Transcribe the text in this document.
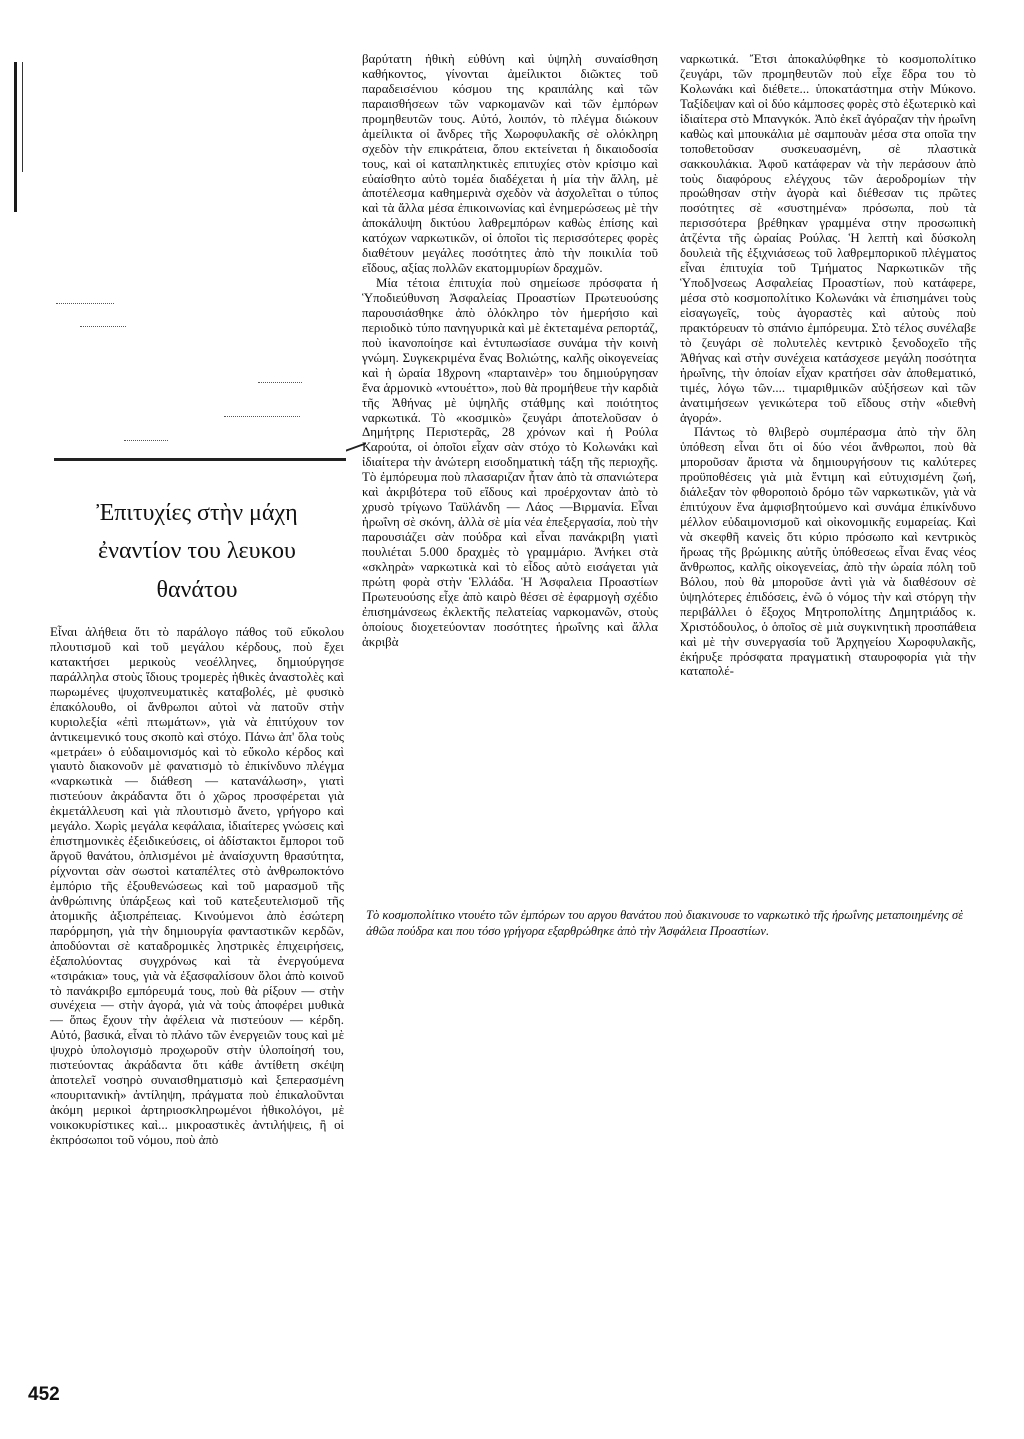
Ἐπιτυχίες στὴν μάχη
ἐναντίον του λευκου
θανάτου

Εἶναι ἀλήθεια ὅτι τὸ παράλογο πάθος τοῦ εὔκολου πλουτισμοῦ καὶ τοῦ μεγάλου κέρδους, ποὺ ἔχει κατακτήσει μερικοὺς νεοέλληνες, δημιούργησε παράλληλα στοὺς ἴδιους τρομερὲς ἠθικὲς ἀναστολὲς καὶ πωρωμένες ψυχοπνευματικὲς καταβολές, μὲ φυσικὸ ἐπακόλουθο, οἱ ἄνθρωποι αὐτοὶ νὰ πατοῦν στὴν κυριολεξία «ἐπὶ πτωμάτων», γιὰ νὰ ἐπιτύχουν τον ἀντικειμενικό τους σκοπὸ καὶ στόχο. Πάνω ἀπ' ὅλα τοὺς «μετράει» ὁ εὐδαιμονισμός καὶ τὸ εὔκολο κέρδος καὶ γιαυτὸ διακονοῦν μὲ φανατισμὸ τὸ ἐπικίνδυνο πλέγμα «ναρκωτικὰ — διάθεση — κατανάλωση», γιατὶ πιστεύουν ἀκράδαντα ὅτι ὁ χῶρος προσφέρεται γιὰ ἐκμετάλλευση καὶ γιὰ πλουτισμὸ ἄνετο, γρήγορο καὶ μεγάλο. Χωρὶς μεγάλα κεφάλαια, ἰδιαίτερες γνώσεις καὶ ἐπιστημονικὲς ἐξειδικεύσεις, οἱ ἀδίστακτοι ἔμποροι τοῦ ἄργοῦ θανάτου, ὁπλισμένοι μὲ ἀναίσχυντη θρασύτητα, ρίχνονται σὰν σωστοὶ καταπέλτες στὸ ἀνθρωποκτόνο ἐμπόριο τῆς ἐξουθενώσεως καὶ τοῦ μαρασμοῦ τῆς ἀνθρώπινης ὑπάρξεως καὶ τοῦ κατεξευτελισμοῦ τῆς ἀτομικῆς ἀξιοπρέπειας. Κινούμενοι ἀπὸ ἐσώτερη παρόρμηση, γιὰ τὴν δημιουργία φανταστικῶν κερδῶν, ἀποδύονται σὲ καταδρομικὲς ληστρικὲς ἐπιχειρήσεις, ἐξαπολύοντας συγχρόνως καὶ τὰ ἐνεργούμενα «τσιράκια» τους, γιὰ νὰ ἐξασφαλίσουν ὅλοι ἀπὸ κοινοῦ τὸ πανάκριβο εμπόρευμά τους, ποὺ θὰ ρίξουν — στὴν συνέχεια — στὴν ἀγορά, γιὰ νὰ τοὺς ἀποφέρει μυθικὰ — ὅπως ἔχουν τὴν ἀφέλεια νὰ πιστεύουν — κέρδη. Αὐτό, βασικά, εἶναι τὸ πλάνο τῶν ἐνεργειῶν τους καὶ μὲ ψυχρὸ ὑπολογισμὸ προχωροῦν στὴν ὑλοποίησή του, πιστεύοντας ἀκράδαντα ὅτι κάθε ἀντίθετη σκέψη ἀποτελεῖ νοσηρὸ συναισθηματισμὸ καὶ ξεπερασμένη «πουριτανικὴ» ἀντίληψη, πράγματα ποὺ ἐπικαλοῦνται ἀκόμη μερικοὶ ἀρτηριοσκληρωμένοι ἠθικολόγοι, μὲ νοικοκυρίστικες καὶ... μικροαστικὲς ἀντιλήψεις, ἢ οἱ ἐκπρόσωποι τοῦ νόμου, ποὺ ἀπὸ

βαρύτατη ἠθικὴ εὐθύνη καὶ ὑψηλὴ συναίσθηση καθήκοντος, γίνονται ἀμείλικτοι διῶκτες τοῦ παραδεισένιου κόσμου της κραιπάλης καὶ τῶν παραισθήσεων τῶν ναρκομανῶν καὶ τῶν ἐμπόρων προμηθευτῶν τους. Αὐτό, λοιπόν, τὸ πλέγμα διώκουν ἀμείλικτα οἱ ἄνδρες τῆς Χωροφυλακῆς σὲ ολόκληρη σχεδὸν τὴν επικράτεια, ὅπου εκτείνεται ἡ δικαιοδοσία τους, καὶ οἱ καταπληκτικὲς επιτυχίες στὸν κρίσιμο καὶ εὐαίσθητο αὐτὸ τομέα διαδέχεται ἡ μία τὴν ἄλλη, μὲ ἀποτέλεσμα καθημερινὰ σχεδὸν νὰ ἀσχολεῖται ο τύπος καὶ τὰ ἄλλα μέσα ἐπικοινωνίας καὶ ἐνημερώσεως μὲ τὴν ἀποκάλυψη δικτύου λαθρεμπόρων καθὼς ἐπίσης καὶ κατόχων ναρκωτικῶν, οἱ ὁποῖοι τὶς περισσότερες φορὲς διαθέτουν μεγάλες ποσότητες ἀπὸ τὴν ποικιλία τοῦ εἴδους, αξίας πολλῶν εκατομμυρίων δραχμῶν.

Μία τέτοια ἐπιτυχία ποὺ σημείωσε πρόσφατα ἡ Ὑποδιεύθυνση Ἀσφαλείας Προαστίων Πρωτευούσης παρουσιάσθηκε ἀπὸ ὁλόκληρο τὸν ἡμερήσιο καὶ περιοδικὸ τύπο πανηγυρικὰ καὶ μὲ ἐκτεταμένα ρεπορτάζ, ποὺ ἱκανοποίησε καὶ ἐντυπωσίασε συνάμα τὴν κοινὴ γνώμη. Συγκεκριμένα ἕνας Βολιώτης, καλῆς οἰκογενείας καὶ ἡ ὡραία 18χρονη «παρταινὲρ» του δημιούργησαν ἕνα ἁρμονικὸ «ντουέττο», ποὺ θὰ προμήθευε τὴν καρδιὰ τῆς Ἀθήνας μὲ ὑψηλῆς στάθμης καὶ ποιότητος ναρκωτικά. Τὸ «κοσμικὸ» ζευγάρι ἀποτελοῦσαν ὁ Δημήτρης Περιστερᾶς, 28 χρόνων καὶ ἡ Ρούλα Καρούτα, οἱ ὁποῖοι εἶχαν σὰν στόχο τὸ Κολωνάκι καὶ ἰδιαίτερα τὴν ἀνώτερη εισοδηματικὴ τάξη τῆς περιοχῆς. Τὸ ἐμπόρευμα ποὺ πλασαριζαν ἦταν ἀπὸ τὰ σπανιώτερα καὶ ἀκριβότερα τοῦ εἴδους καὶ προέρχονταν ἀπὸ τὸ χρυσὸ τρίγωνο Ταϋλάνδη — Λάος —Βιρμανία. Εἶναι ἡρωΐνη σὲ σκόνη, ἀλλὰ σὲ μία νέα ἐπεξεργασία, ποὺ τὴν παρουσιάζει σὰν πούδρα καὶ εἶναι πανάκριβη γιατὶ πουλιέται 5.000 δραχμὲς τὸ γραμμάριο. Ἀνήκει στὰ «σκληρὰ» ναρκωτικὰ καὶ τὸ εἶδος αὐτὸ εισάγεται γιὰ πρώτη φορὰ στὴν Ἑλλάδα. Ἡ Ἀσφαλεια Προαστίων Πρωτευούσης εἶχε ἀπὸ καιρὸ θέσει σὲ ἐφαρμογὴ σχέδιο ἐπισημάνσεως ἐκλεκτῆς πελατείας ναρκομανῶν, στοὺς ὁποίους διοχετεύονταν ποσότητες ἡρωΐνης καὶ ἄλλα ἀκριβὰ

ναρκωτικά. Ἔτσι ἀποκαλύφθηκε τὸ κοσμοπολίτικο ζευγάρι, τῶν προμηθευτῶν ποὺ εἶχε ἕδρα του τὸ Κολωνάκι καὶ διέθετε... ὑποκατάστημα στὴν Μύκονο. Ταξίδεψαν καὶ οἱ δύο κάμποσες φορὲς στὸ ἐξωτερικὸ καὶ ἰδιαίτερα στὸ Μπανγκόκ. Ἀπὸ ἐκεῖ ἀγόραζαν τὴν ἡρωΐνη καθὼς καὶ μπουκάλια μὲ σαμπουὰν μέσα στα οποῖα την τοποθετοῦσαν συσκευασμένη, σὲ πλαστικὰ σακκουλάκια. Ἀφοῦ κατάφεραν νὰ τὴν περάσουν ἀπὸ τοὺς διαφόρους ελέγχους τῶν ἀεροδρομίων τὴν προώθησαν στὴν ἀγορὰ καὶ διέθεσαν τις πρῶτες ποσότητες σὲ «συστημένα» πρόσωπα, ποὺ τὰ περισσότερα βρέθηκαν γραμμένα στην προσωπικὴ ἀτζέντα τῆς ὡραίας Ρούλας. Ἡ λεπτὴ καὶ δύσκολη δουλειὰ τῆς ἐξιχνιάσεως τοῦ λαθρεμπορικοῦ πλέγματος εἶναι ἐπιτυχία τοῦ Τμήματος Ναρκωτικῶν τῆς Ὑποδ]νσεως Ασφαλείας Προαστίων, ποὺ κατάφερε, μέσα στὸ κοσμοπολίτικο Κολωνάκι νὰ ἐπισημάνει τοὺς εἰσαγωγεῖς, τοὺς ἀγοραστὲς καὶ αὐτοὺς ποὺ πρακτόρευαν τὸ σπάνιο ἐμπόρευμα. Στὸ τέλος συνέλαβε τὸ ζευγάρι σὲ πολυτελὲς κεντρικὸ ξενοδοχεῖο τῆς Ἀθήνας καὶ στὴν συνέχεια κατάσχεσε μεγάλη ποσότητα ἡρωΐνης, τὴν ὁποίαν εἶχαν κρατήσει σὰν ἀποθεματικό, τιμές, λόγω τῶν.... τιμαριθμικῶν αὐξήσεων καὶ τῶν ἀνατιμήσεων γενικώτερα τοῦ εἴδους στὴν «διεθνὴ ἀγορά».

Πάντως τὸ θλιβερὸ συμπέρασμα ἀπὸ τὴν ὅλη ὑπόθεση εἶναι ὅτι οἱ δύο νέοι ἄνθρωποι, ποὺ θὰ μποροῦσαν ἄριστα νὰ δημιουργήσουν τις καλύτερες προϋποθέσεις γιὰ μιὰ ἔντιμη καὶ εὐτυχισμένη ζωή, διάλεξαν τὸν φθοροποιὸ δρόμο τῶν ναρκωτικῶν, γιὰ νὰ ἐπιτύχουν ἕνα ἀμφισβητούμενο καὶ συνάμα ἐπικίνδυνο μέλλον εὐδαιμονισμοῦ καὶ οἰκονομικῆς ευμαρείας. Καὶ νὰ σκεφθῆ κανεὶς ὅτι κύριο πρόσωπο καὶ κεντρικὸς ἥρωας τῆς βρώμικης αὐτῆς ὑπόθεσεως εἶναι ἕνας νέος ἄνθρωπος, καλῆς οἰκογενείας, ἀπὸ τὴν ὡραία πόλη τοῦ Βόλου, ποὺ θὰ μποροῦσε ἀντὶ γιὰ νὰ διαθέσουν σὲ ὑψηλότερες ἐπιδόσεις, ἐνῶ ὁ νόμος τὴν καὶ στόργη τὴν περιβάλλει ὁ ἔξοχος Μητροπολίτης Δημητριάδος κ. Χριστόδουλος, ὁ ὁποῖος σὲ μιὰ συγκινητικὴ προσπάθεια καὶ μὲ τὴν συνεργασία τοῦ Ἀρχηγείου Χωροφυλακῆς, ἐκήρυξε πρόσφατα πραγματικὴ σταυροφορία γιὰ τὴν καταπολέ-

Τὸ κοσμοπολίτικο ντουέτο τῶν ἐμπόρων του αργου θανάτου ποὺ διακινουσε το ναρκωτικὸ τῆς ἡρωΐνης μεταποιημένης σὲ ἀθῶα πούδρα και που τόσο γρήγορα εξαρθρώθηκε ἀπὸ τὴν Ἀσφάλεια Προαστίων.
452
